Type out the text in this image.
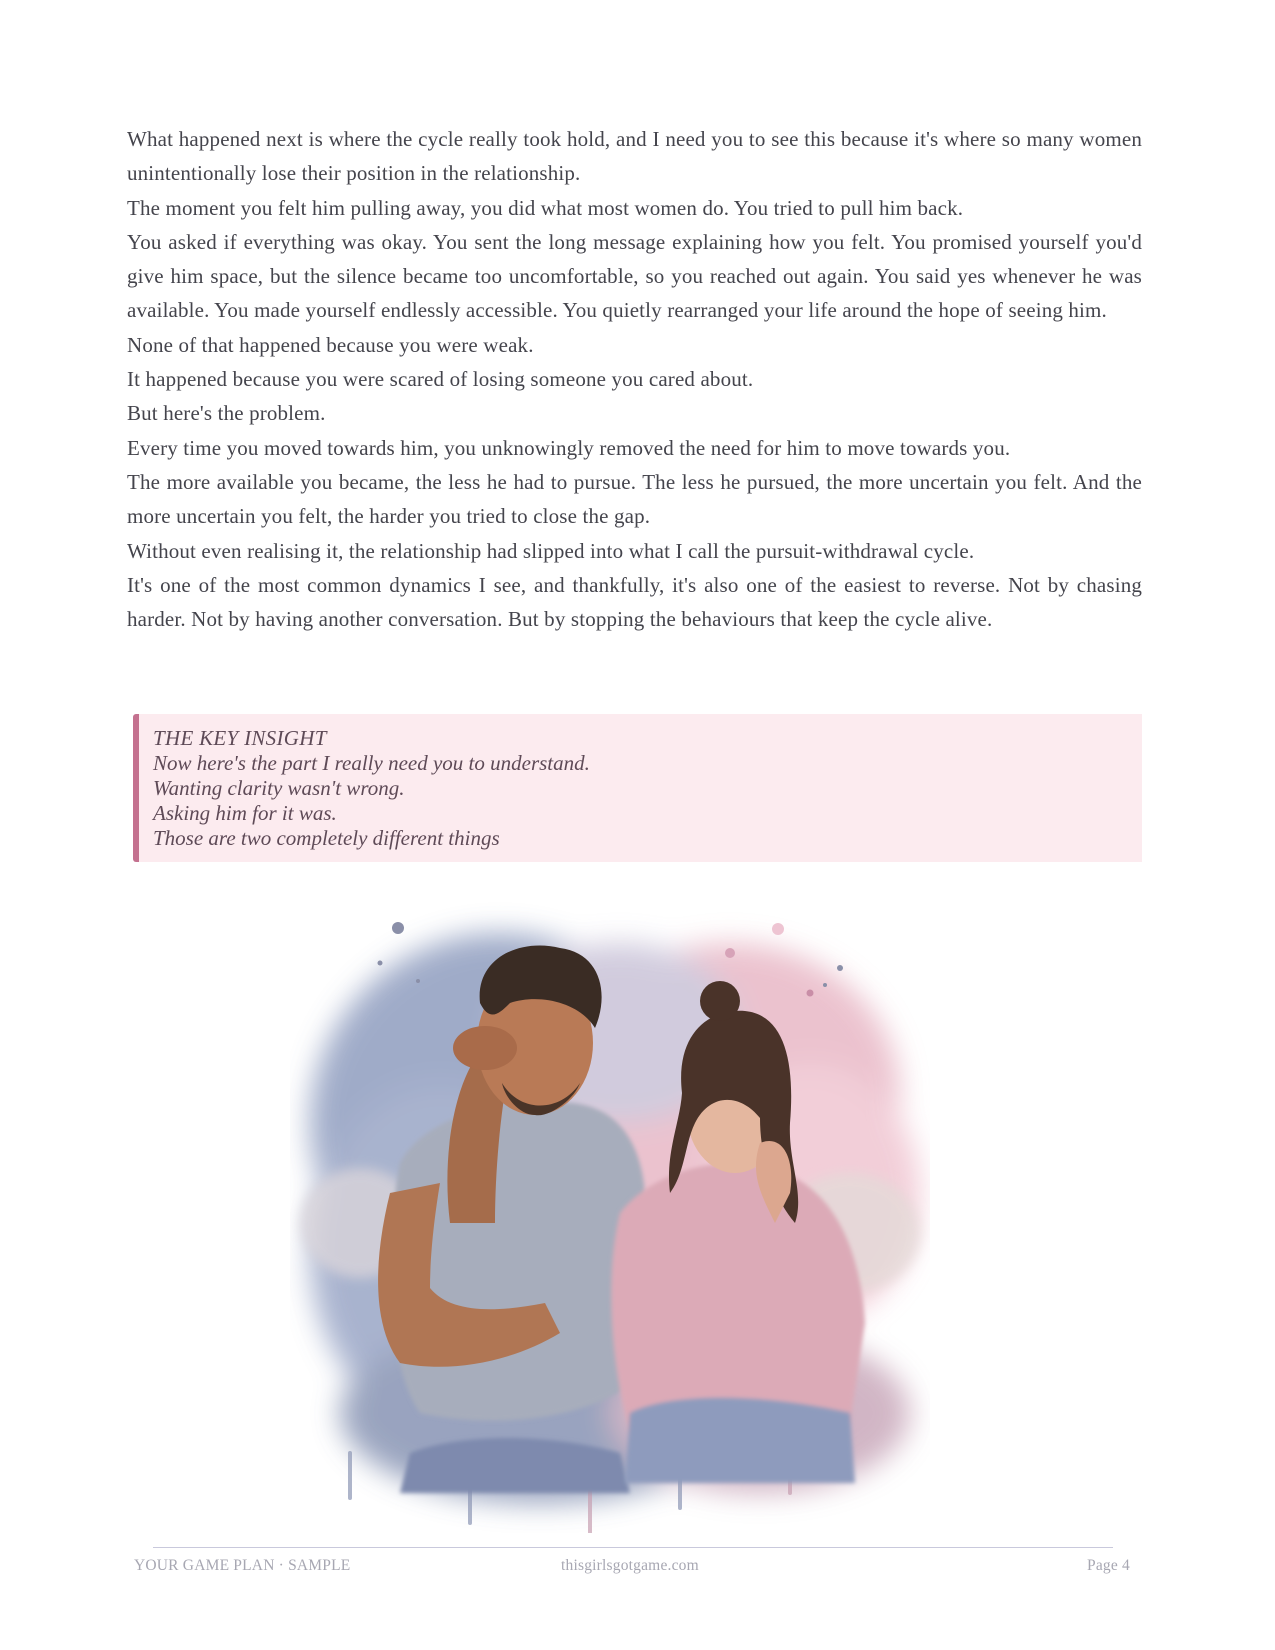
What happened next is where the cycle really took hold, and I need you to see this because it's where so many women unintentionally lose their position in the relationship.

The moment you felt him pulling away, you did what most women do. You tried to pull him back.

You asked if everything was okay. You sent the long message explaining how you felt. You promised yourself you'd give him space, but the silence became too uncomfortable, so you reached out again. You said yes whenever he was available. You made yourself endlessly accessible. You quietly rearranged your life around the hope of seeing him.

None of that happened because you were weak.

It happened because you were scared of losing someone you cared about.

But here's the problem.

Every time you moved towards him, you unknowingly removed the need for him to move towards you.

The more available you became, the less he had to pursue. The less he pursued, the more uncertain you felt. And the more uncertain you felt, the harder you tried to close the gap.

Without even realising it, the relationship had slipped into what I call the pursuit-withdrawal cycle.

It's one of the most common dynamics I see, and thankfully, it's also one of the easiest to reverse. Not by chasing harder. Not by having another conversation. But by stopping the behaviours that keep the cycle alive.

THE KEY INSIGHT

Now here's the part I really need you to understand.

Wanting clarity wasn't wrong.

Asking him for it was.

Those are two completely different things

YOUR GAME PLAN · SAMPLE	thisgirlsgotgame.com	Page 4
